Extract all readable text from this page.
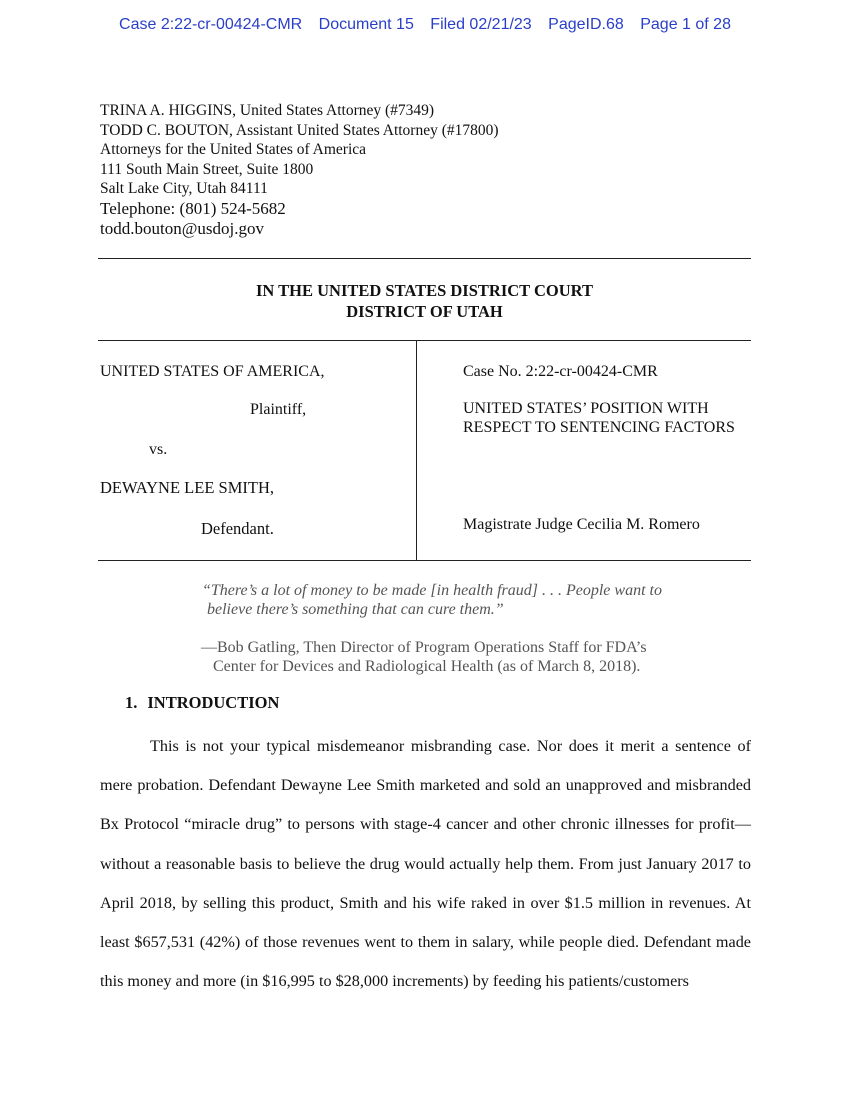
Case 2:22-cr-00424-CMR Document 15 Filed 02/21/23 PageID.68 Page 1 of 28
TRINA A. HIGGINS, United States Attorney (#7349)
TODD C. BOUTON, Assistant United States Attorney (#17800)
Attorneys for the United States of America
111 South Main Street, Suite 1800
Salt Lake City, Utah 84111
Telephone: (801) 524-5682
todd.bouton@usdoj.gov
IN THE UNITED STATES DISTRICT COURT
DISTRICT OF UTAH
UNITED STATES OF AMERICA,
Plaintiff,
vs.
DEWAYNE LEE SMITH,
Defendant.
Case No. 2:22-cr-00424-CMR
UNITED STATES’ POSITION WITH
RESPECT TO SENTENCING FACTORS
Magistrate Judge Cecilia M. Romero
“There’s a lot of money to be made [in health fraud] . . . People want to
believe there’s something that can cure them.”
—Bob Gatling, Then Director of Program Operations Staff for FDA’s
Center for Devices and Radiological Health (as of March 8, 2018).
1. INTRODUCTION

This is not your typical misdemeanor misbranding case. Nor does it merit a sentence of mere probation. Defendant Dewayne Lee Smith marketed and sold an unapproved and misbranded Bx Protocol “miracle drug” to persons with stage-4 cancer and other chronic illnesses for profit—without a reasonable basis to believe the drug would actually help them. From just January 2017 to April 2018, by selling this product, Smith and his wife raked in over $1.5 million in revenues. At least $657,531 (42%) of those revenues went to them in salary, while people died. Defendant made this money and more (in $16,995 to $28,000 increments) by feeding his patients/customers
